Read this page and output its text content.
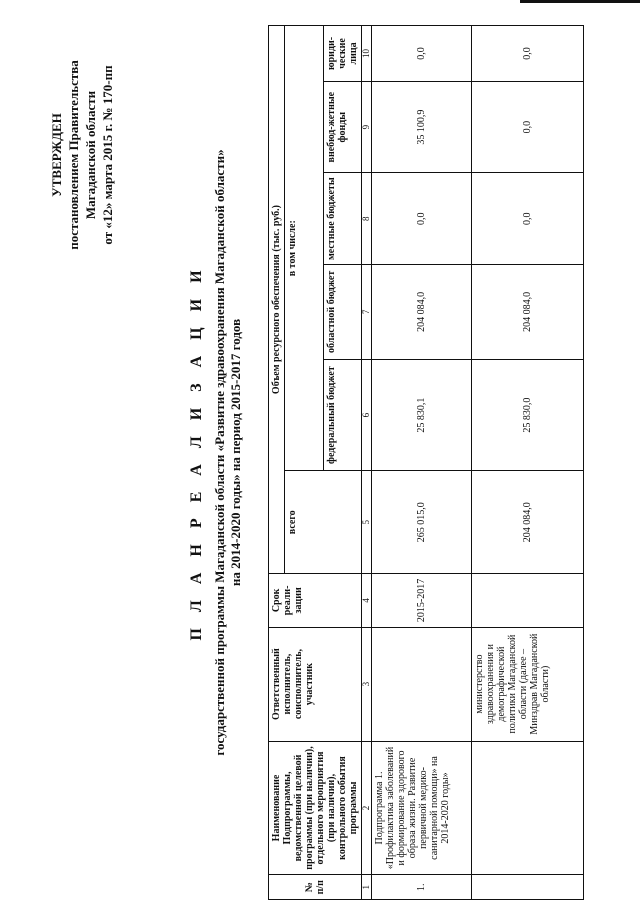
УТВЕРЖДЕН постановлением Правительства Магаданской области от «12» марта 2015 г. № 170-пп
П Л А Н Р Е А Л И З А Ц И И государственной программы Магаданской области «Развитие здравоохранения Магаданской области» на 2014-2020 годы» на период 2015-2017 годов
№ п/п	Наименование Подпрограммы, ведомственной целевой программы (при наличии), отдельного мероприятия (при наличии), контрольного события программы	Ответственный исполнитель, соисполнитель, участник	Срок реали-зации	Объем ресурсного обеспечения (тыс. руб.)					
				всего	в том числе:				
					федеральный бюджет	областной бюджет	местные бюджеты	внебюд-жетные фонды	юриди-ческие лица
1	2	3	4	5	6	7	8	9	10
1.	Подпрограмма 1. «Профилактика заболеваний и формирование здорового образа жизни. Развитие первичной медико-санитарной помощи» на 2014-2020 годы»		2015-2017	265 015,0	25 830,1	204 084,0	0,0	35 100,9	0,0
		министерство здравоохранения и демографической политики Магаданской области (далее – Минздрав Магаданской области)		204 084,0	25 830,0	204 084,0	0,0	0,0	0,0
